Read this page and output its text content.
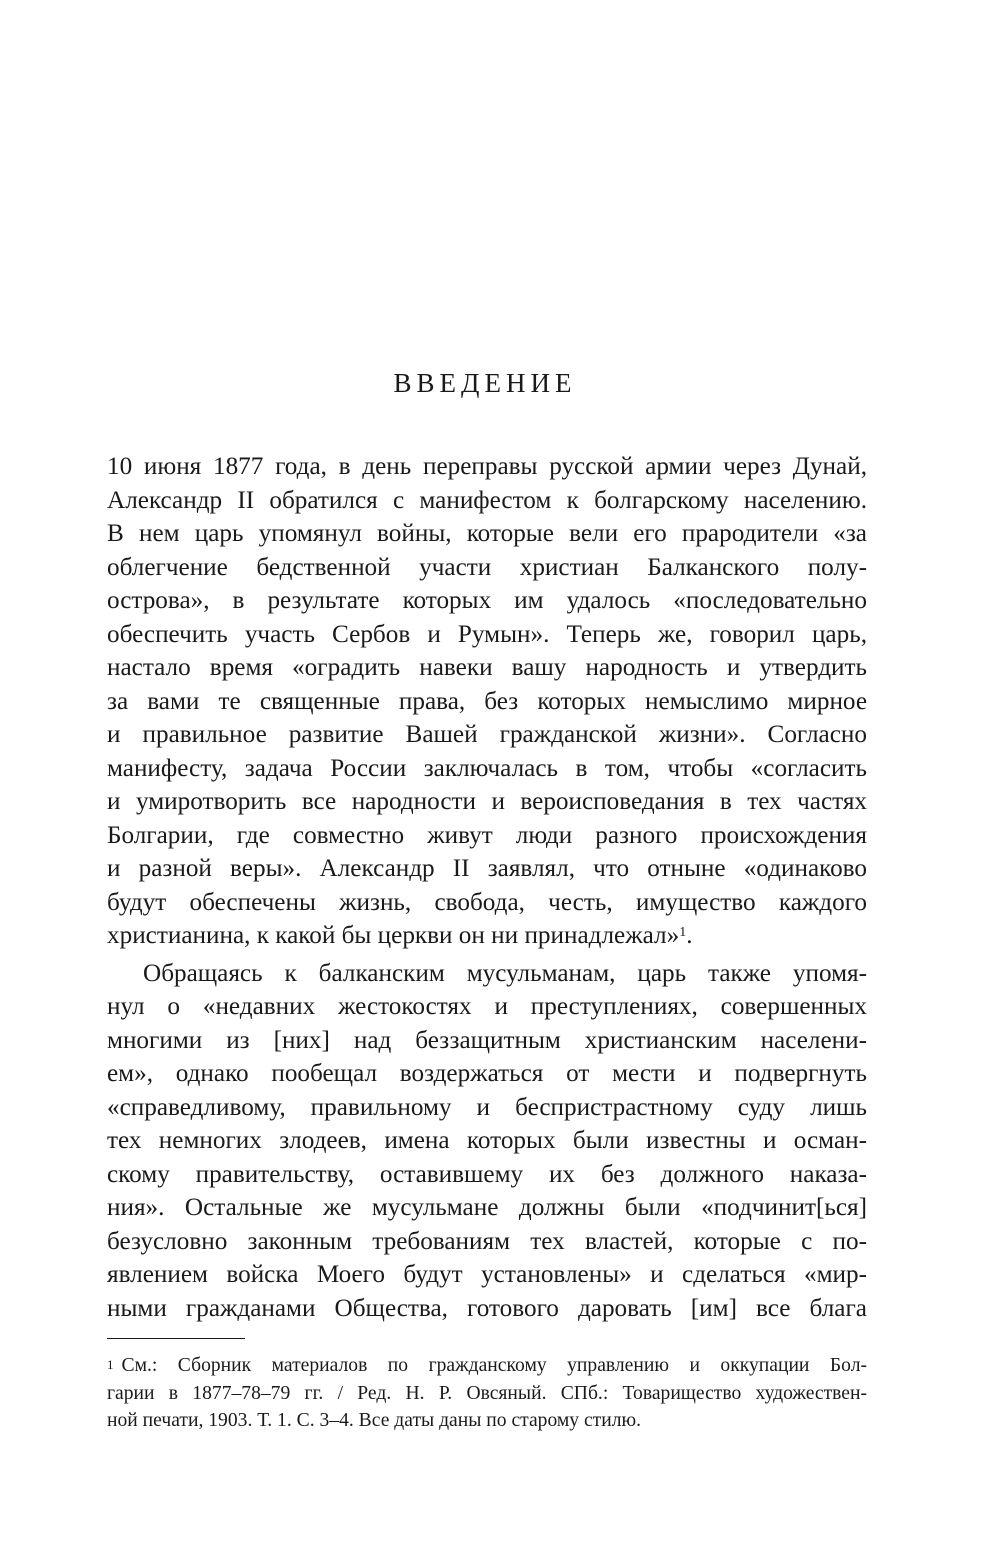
ВВЕДЕНИЕ
10 июня 1877 года, в день переправы русской армии через Дунай,
Александр II обратился с манифестом к болгарскому населению.
В нем царь упомянул войны, которые вели его прародители «за
облегчение бедственной участи христиан Балканского полу-
острова», в результате которых им удалось «последовательно
обеспечить участь Сербов и Румын». Теперь же, говорил царь,
настало время «оградить навеки вашу народность и утвердить
за вами те священные права, без которых немыслимо мирное
и правильное развитие Вашей гражданской жизни». Согласно
манифесту, задача России заключалась в том, чтобы «согласить
и умиротворить все народности и вероисповедания в тех частях
Болгарии, где совместно живут люди разного происхождения
и разной веры». Александр II заявлял, что отныне «одинаково
будут обеспечены жизнь, свобода, честь, имущество каждого
христианина, к какой бы церкви он ни принадлежал»$^1$.
Обращаясь к балканским мусульманам, царь также упомя-
нул о «недавних жестокостях и преступлениях, совершенных
многими из [них] над беззащитным христианским населени-
ем», однако пообещал воздержаться от мести и подвергнуть
«справедливому, правильному и беспристрастному суду лишь
тех немногих злодеев, имена которых были известны и осман-
скому правительству, оставившему их без должного наказа-
ния». Остальные же мусульмане должны были «подчинит[ься]
безусловно законным требованиям тех властей, которые с по-
явлением войска Моего будут установлены» и сделаться «мир-
ными гражданами Общества, готового даровать [им] все блага
$^1$ См.: Сборник материалов по гражданскому управлению и оккупации Бол-
гарии в 1877–78–79 гг. / Ред. Н. Р. Овсяный. СПб.: Товарищество художествен-
ной печати, 1903. Т. 1. С. 3–4. Все даты даны по старому стилю.
